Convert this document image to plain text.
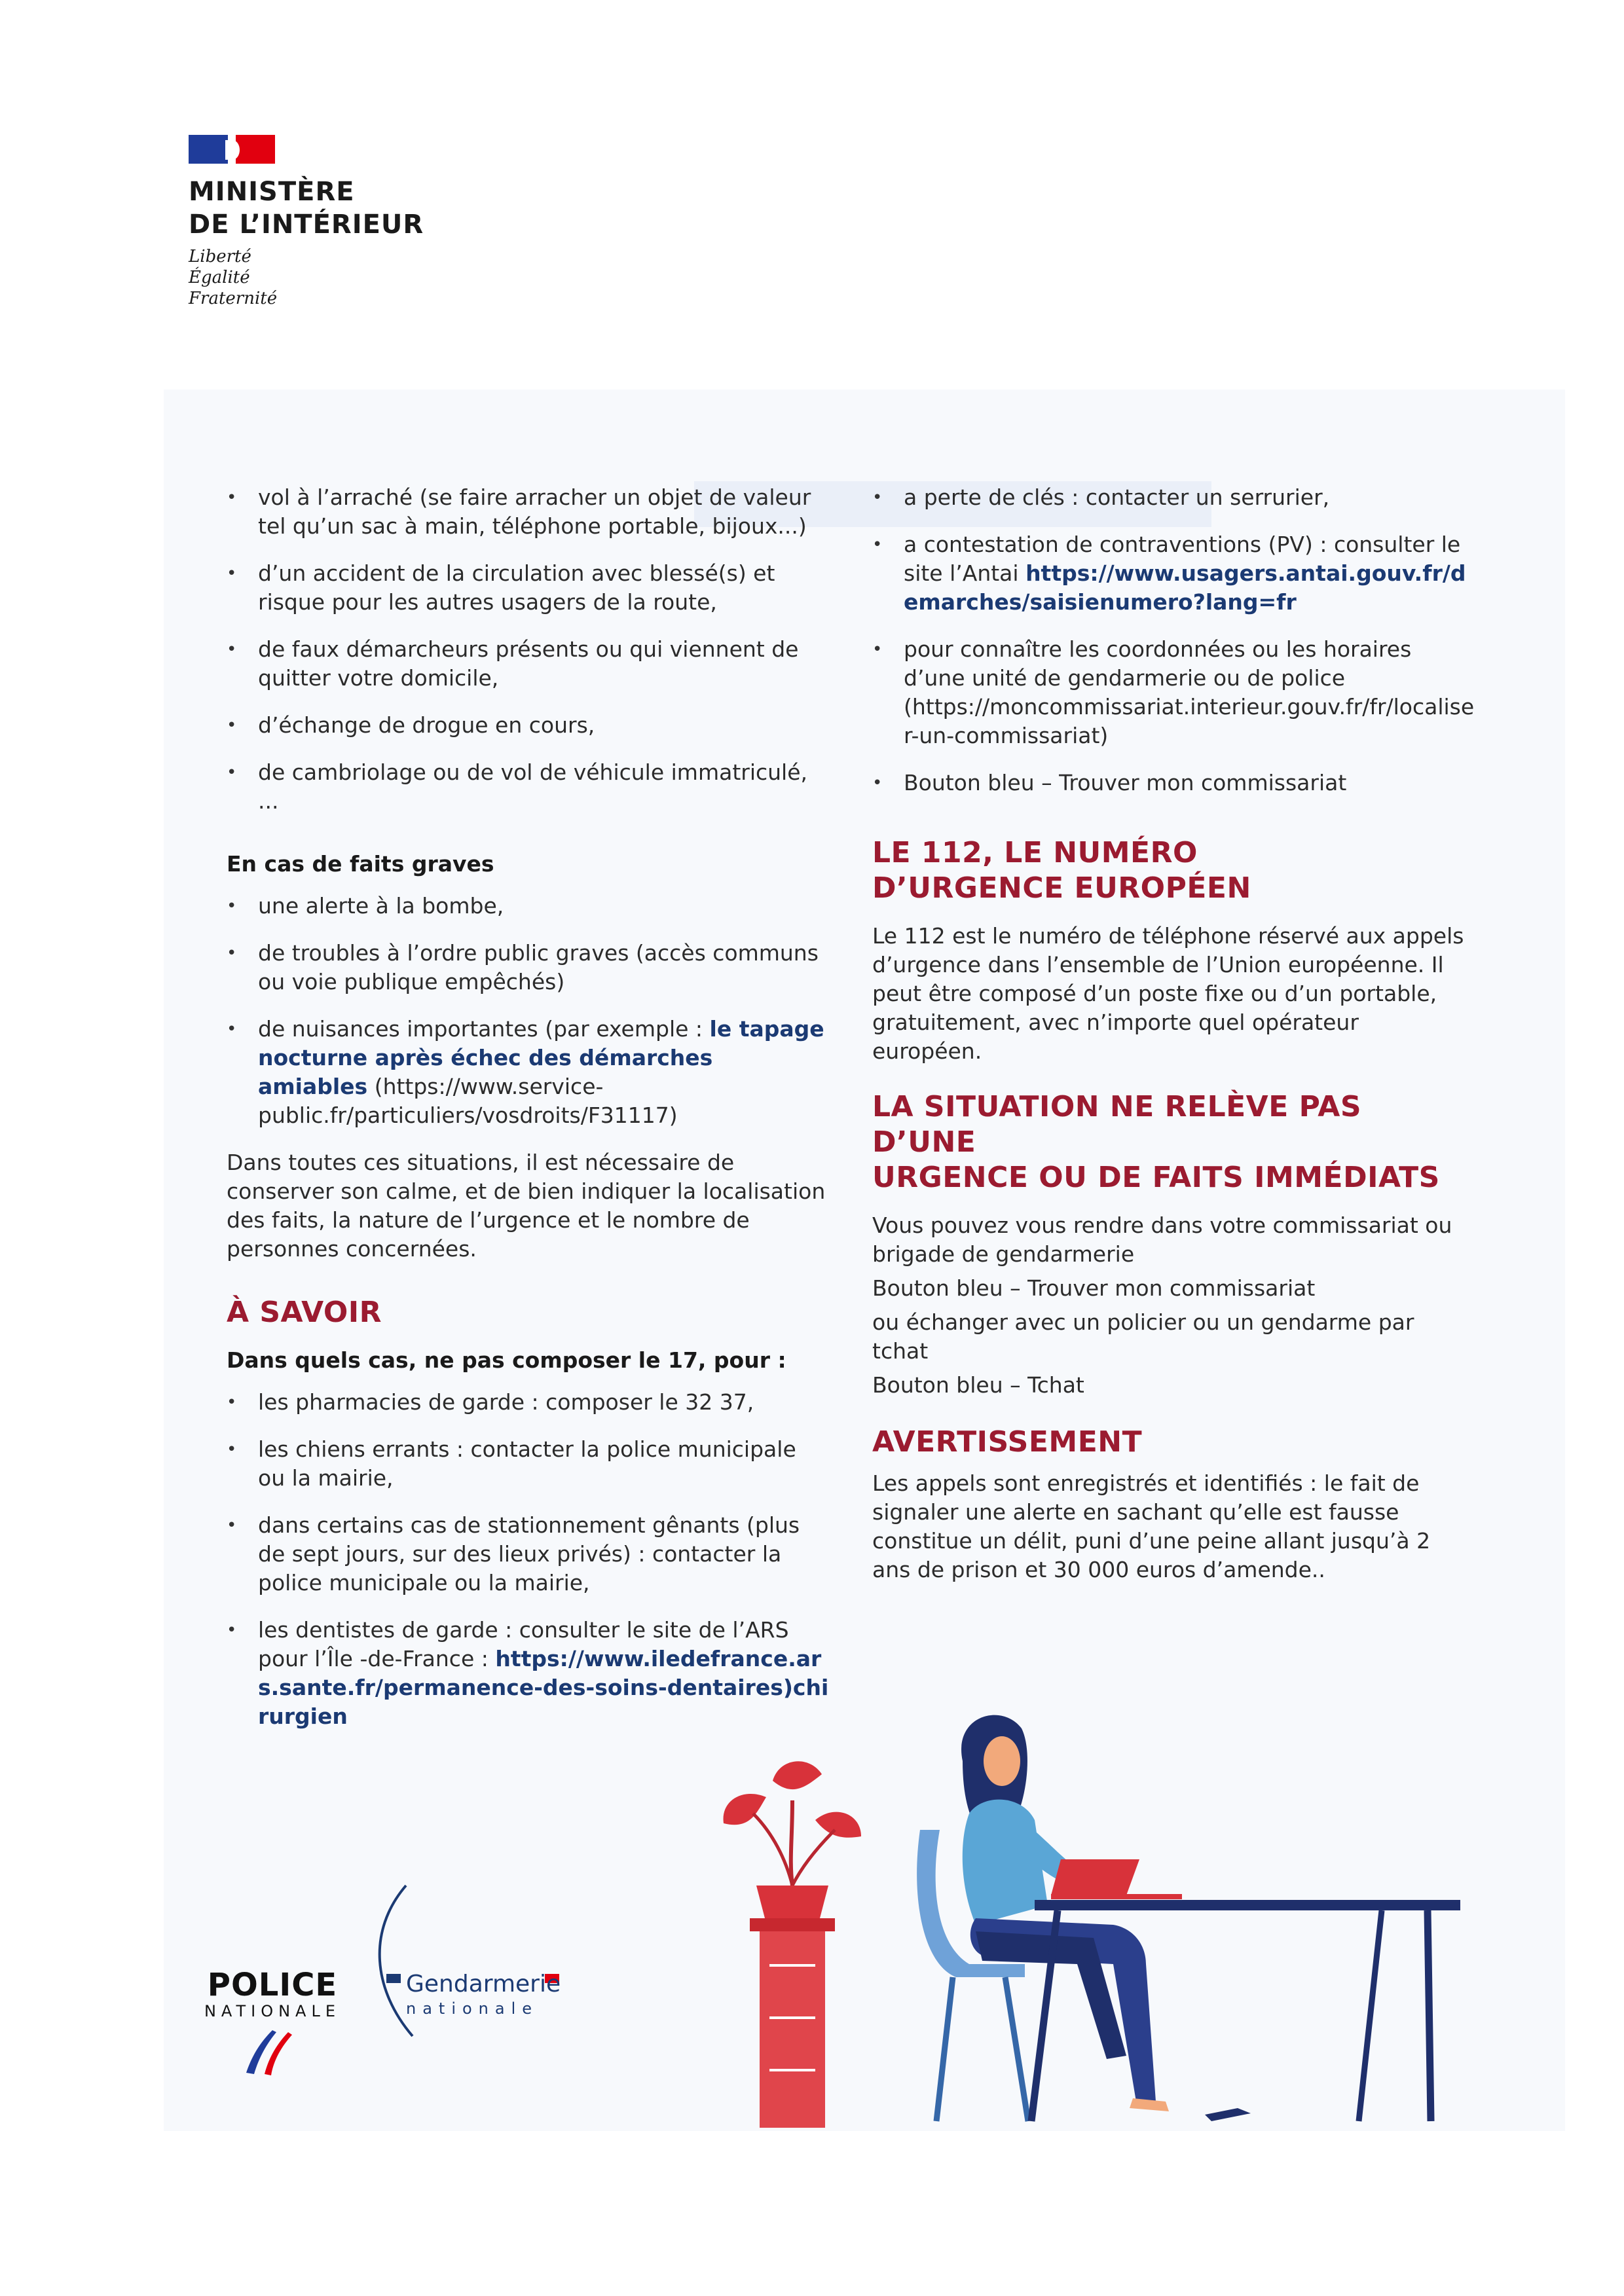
MINISTÈRE
DE L’INTÉRIEUR
Liberté
Égalité
Fraternité
• vol à l’arraché (se faire arracher un objet de valeur tel qu’un sac à main, téléphone portable, bijoux...)
• d’un accident de la circulation avec blessé(s) et risque pour les autres usagers de la route,
• de faux démarcheurs présents ou qui viennent de quitter votre domicile,
• d’échange de drogue en cours,
• de cambriolage ou de vol de véhicule immatriculé, ...
En cas de faits graves
• une alerte à la bombe,
• de troubles à l’ordre public graves (accès communs ou voie publique empêchés)
• de nuisances importantes (par exemple : le tapage nocturne après échec des démarches amiables (https://www.service-public.fr/particuliers/vosdroits/F31117)

Dans toutes ces situations, il est nécessaire de conserver son calme, et de bien indiquer la localisation des faits, la nature de l’urgence et le nombre de personnes concernées.

À SAVOIR
Dans quels cas, ne pas composer le 17, pour :
• les pharmacies de garde : composer le 32 37,
• les chiens errants : contacter la police municipale ou la mairie,
• dans certains cas de stationnement gênants (plus de sept jours, sur des lieux privés) : contacter la police municipale ou la mairie,
• les dentistes de garde : consulter le site de l’ARS pour l’Île -de-France : https://www.iledefrance.ars.sante.fr/permanence-des-soins-dentaires)chirurgien
• a perte de clés : contacter un serrurier,
• a contestation de contraventions (PV) : consulter le site l’Antai https://www.usagers.antai.gouv.fr/demarches/saisienumero?lang=fr
• pour connaître les coordonnées ou les horaires d’une unité de gendarmerie ou de police (https://moncommissariat.interieur.gouv.fr/fr/localiser-un-commissariat)
• Bouton bleu – Trouver mon commissariat
LE 112, LE NUMÉRO
D’URGENCE EUROPÉEN

Le 112 est le numéro de téléphone réservé aux appels d’urgence dans l’ensemble de l’Union européenne. Il peut être composé d’un poste fixe ou d’un portable, gratuitement, avec n’importe quel opérateur européen.

LA SITUATION NE RELÈVE PAS D’UNE
URGENCE OU DE FAITS IMMÉDIATS
Vous pouvez vous rendre dans votre commissariat ou brigade de gendarmerie
Bouton bleu – Trouver mon commissariat
ou échanger avec un policier ou un gendarme par tchat
Bouton bleu – Tchat
AVERTISSEMENT

Les appels sont enregistrés et identifiés : le fait de signaler une alerte en sachant qu’elle est fausse constitue un délit, puni d’une peine allant jusqu’à 2 ans de prison et 30 000 euros d’amende..

POLICE
NATIONALE
Gendarmerie
nationale
